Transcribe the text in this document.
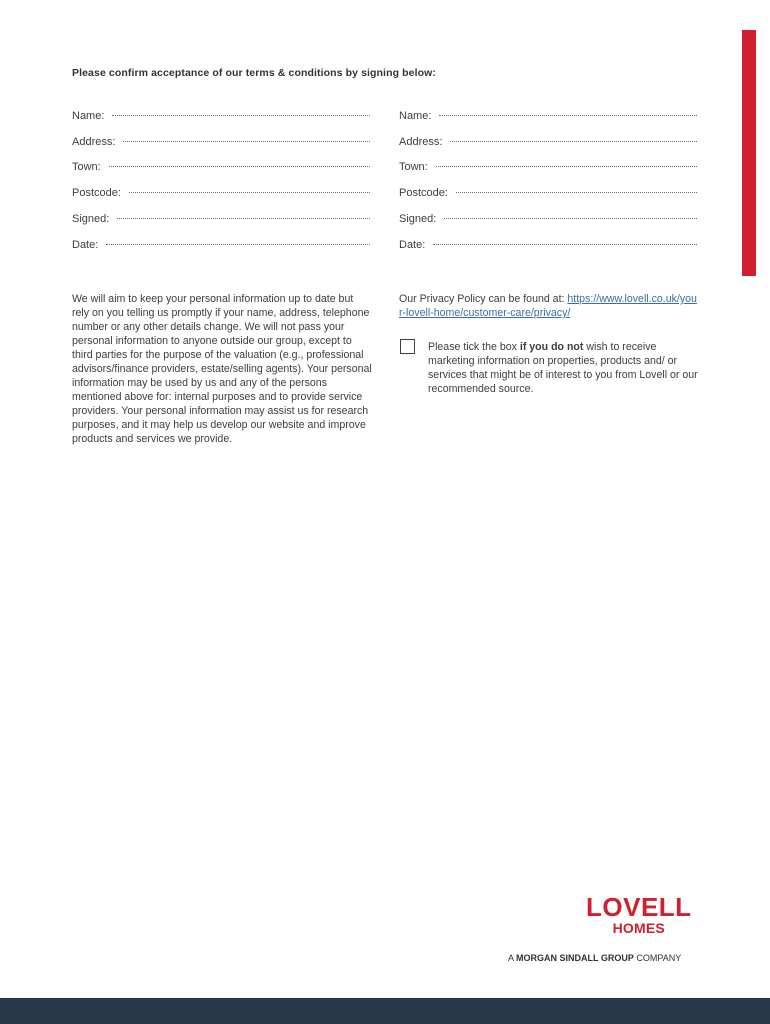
Please confirm acceptance of our terms & conditions by signing below:
Name:
Address:
Town:
Postcode:
Signed:
Date:
Name:
Address:
Town:
Postcode:
Signed:
Date:
We will aim to keep your personal information up to date but rely on you telling us promptly if your name, address, telephone number or any other details change. We will not pass your personal information to anyone outside our group, except to third parties for the purpose of the valuation (e.g., professional advisors/finance providers, estate/selling agents). Your personal information may be used by us and any of the persons mentioned above for: internal purposes and to provide service providers. Your personal information may assist us for research purposes, and it may help us develop our website and improve products and services we provide.
Our Privacy Policy can be found at: https://www.lovell.co.uk/your-lovell-home/customer-care/privacy/
Please tick the box if you do not wish to receive marketing information on properties, products and/ or services that might be of interest to you from Lovell or our recommended source.
LOVELL
HOMES
A MORGAN SINDALL GROUP COMPANY
